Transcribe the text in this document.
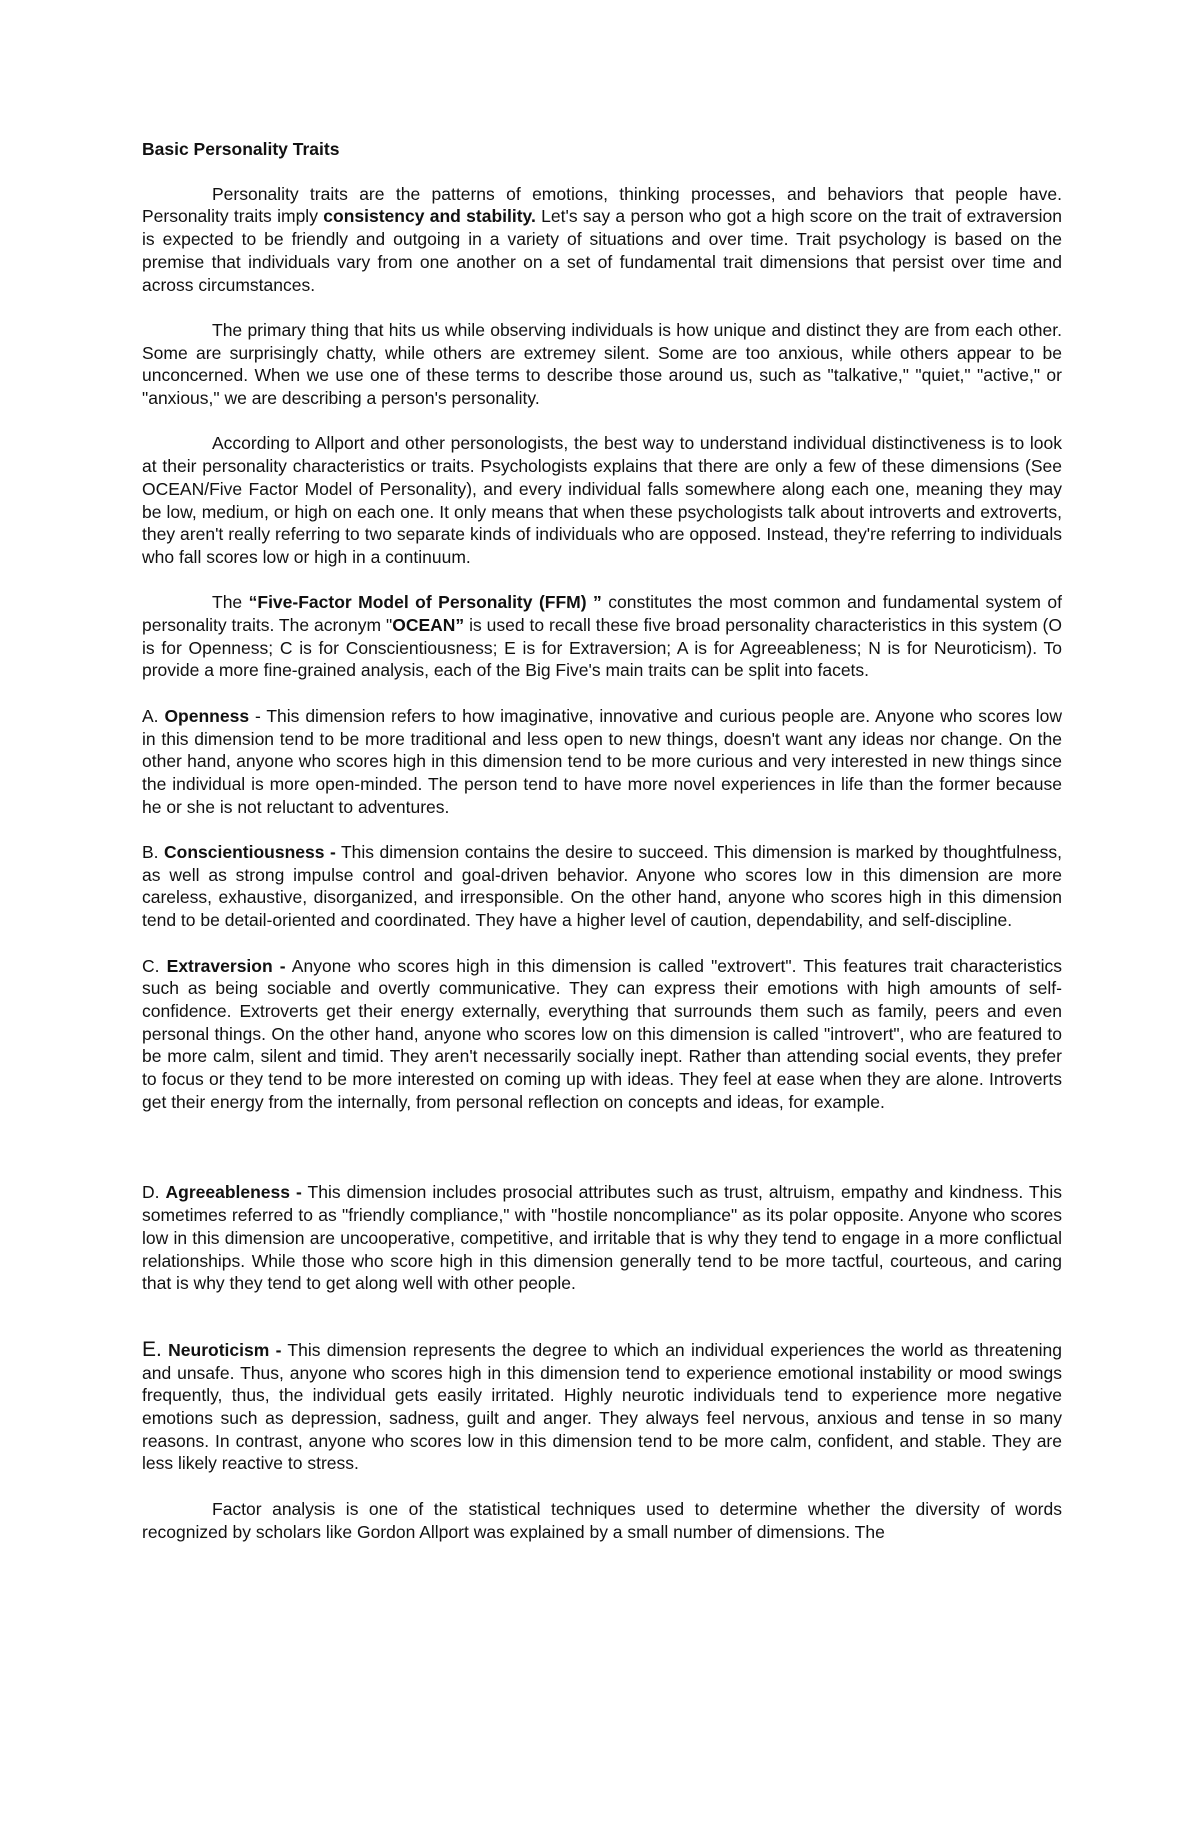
Basic Personality Traits

Personality traits are the patterns of emotions, thinking processes, and behaviors that people have. Personality traits imply consistency and stability. Let's say a person who got a high score on the trait of extraversion is expected to be friendly and outgoing in a variety of situations and over time. Trait psychology is based on the premise that individuals vary from one another on a set of fundamental trait dimensions that persist over time and across circumstances.

The primary thing that hits us while observing individuals is how unique and distinct they are from each other. Some are surprisingly chatty, while others are extremey silent. Some are too anxious, while others appear to be unconcerned. When we use one of these terms to describe those around us, such as "talkative," "quiet," "active," or "anxious," we are describing a person's personality.

According to Allport and other personologists, the best way to understand individual distinctiveness is to look at their personality characteristics or traits. Psychologists explains that there are only a few of these dimensions (See OCEAN/Five Factor Model of Personality), and every individual falls somewhere along each one, meaning they may be low, medium, or high on each one. It only means that when these psychologists talk about introverts and extroverts, they aren't really referring to two separate kinds of individuals who are opposed. Instead, they're referring to individuals who fall scores low or high in a continuum.

The “Five-Factor Model of Personality (FFM) ” constitutes the most common and fundamental system of personality traits. The acronym "OCEAN” is used to recall these five broad personality characteristics in this system (O is for Openness; C is for Conscientiousness; E is for Extraversion; A is for Agreeableness; N is for Neuroticism). To provide a more fine-grained analysis, each of the Big Five's main traits can be split into facets.

A. Openness - This dimension refers to how imaginative, innovative and curious people are. Anyone who scores low in this dimension tend to be more traditional and less open to new things, doesn't want any ideas nor change. On the other hand, anyone who scores high in this dimension tend to be more curious and very interested in new things since the individual is more open-minded. The person tend to have more novel experiences in life than the former because he or she is not reluctant to adventures.

B. Conscientiousness - This dimension contains the desire to succeed. This dimension is marked by thoughtfulness, as well as strong impulse control and goal-driven behavior. Anyone who scores low in this dimension are more careless, exhaustive, disorganized, and irresponsible. On the other hand, anyone who scores high in this dimension tend to be detail-oriented and coordinated. They have a higher level of caution, dependability, and self-discipline.

C. Extraversion - Anyone who scores high in this dimension is called "extrovert". This features trait characteristics such as being sociable and overtly communicative. They can express their emotions with high amounts of self-confidence. Extroverts get their energy externally, everything that surrounds them such as family, peers and even personal things. On the other hand, anyone who scores low on this dimension is called "introvert", who are featured to be more calm, silent and timid. They aren't necessarily socially inept. Rather than attending social events, they prefer to focus or they tend to be more interested on coming up with ideas. They feel at ease when they are alone. Introverts get their energy from the internally, from personal reflection on concepts and ideas, for example.

D. Agreeableness - This dimension includes prosocial attributes such as trust, altruism, empathy and kindness. This sometimes referred to as "friendly compliance," with "hostile noncompliance" as its polar opposite. Anyone who scores low in this dimension are uncooperative, competitive, and irritable that is why they tend to engage in a more conflictual relationships. While those who score high in this dimension generally tend to be more tactful, courteous, and caring that is why they tend to get along well with other people.

E. Neuroticism - This dimension represents the degree to which an individual experiences the world as threatening and unsafe. Thus, anyone who scores high in this dimension tend to experience emotional instability or mood swings frequently, thus, the individual gets easily irritated. Highly neurotic individuals tend to experience more negative emotions such as depression, sadness, guilt and anger. They always feel nervous, anxious and tense in so many reasons. In contrast, anyone who scores low in this dimension tend to be more calm, confident, and stable. They are less likely reactive to stress.

Factor analysis is one of the statistical techniques used to determine whether the diversity of words recognized by scholars like Gordon Allport was explained by a small number of dimensions. The
